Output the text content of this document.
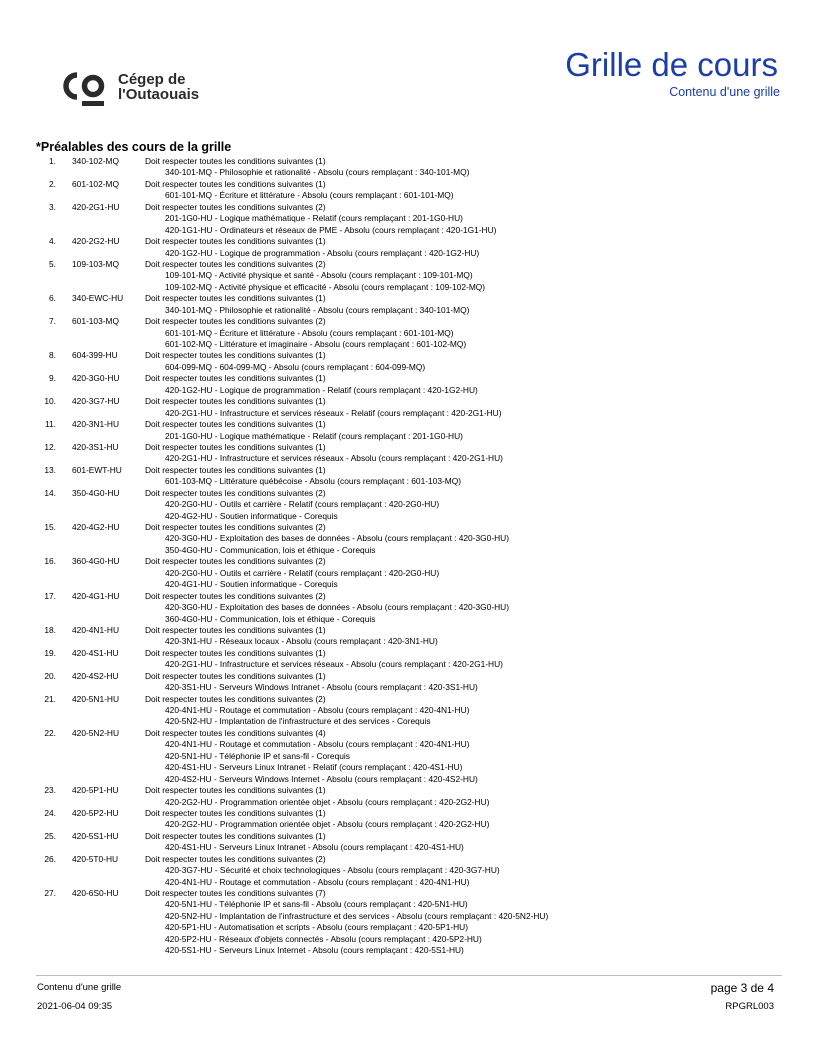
Cégep de
l'Outaouais
Grille de cours
Contenu d'une grille
*Préalables des cours de la grille
1. 340-102-MQ	Doit respecter toutes les conditions suivantes (1)
340-101-MQ - Philosophie et rationalité - Absolu (cours remplaçant : 340-101-MQ)
2. 601-102-MQ	Doit respecter toutes les conditions suivantes (1)
601-101-MQ - Écriture et littérature - Absolu (cours remplaçant : 601-101-MQ)
3. 420-2G1-HU	Doit respecter toutes les conditions suivantes (2)
201-1G0-HU - Logique mathématique - Relatif (cours remplaçant : 201-1G0-HU)
420-1G1-HU - Ordinateurs et réseaux de PME - Absolu (cours remplaçant : 420-1G1-HU)
4. 420-2G2-HU	Doit respecter toutes les conditions suivantes (1)
420-1G2-HU - Logique de programmation - Absolu (cours remplaçant : 420-1G2-HU)
5. 109-103-MQ	Doit respecter toutes les conditions suivantes (2)
109-101-MQ - Activité physique et santé - Absolu (cours remplaçant : 109-101-MQ)
109-102-MQ - Activité physique et efficacité - Absolu (cours remplaçant : 109-102-MQ)
6. 340-EWC-HU	Doit respecter toutes les conditions suivantes (1)
340-101-MQ - Philosophie et rationalité - Absolu (cours remplaçant : 340-101-MQ)
7. 601-103-MQ	Doit respecter toutes les conditions suivantes (2)
601-101-MQ - Écriture et littérature - Absolu (cours remplaçant : 601-101-MQ)
601-102-MQ - Littérature et imaginaire - Absolu (cours remplaçant : 601-102-MQ)
8. 604-399-HU	Doit respecter toutes les conditions suivantes (1)
604-099-MQ - 604-099-MQ - Absolu (cours remplaçant : 604-099-MQ)
9. 420-3G0-HU	Doit respecter toutes les conditions suivantes (1)
420-1G2-HU - Logique de programmation - Relatif (cours remplaçant : 420-1G2-HU)
10. 420-3G7-HU	Doit respecter toutes les conditions suivantes (1)
420-2G1-HU - Infrastructure et services réseaux - Relatif (cours remplaçant : 420-2G1-HU)
11. 420-3N1-HU	Doit respecter toutes les conditions suivantes (1)
201-1G0-HU - Logique mathématique - Relatif (cours remplaçant : 201-1G0-HU)
12. 420-3S1-HU	Doit respecter toutes les conditions suivantes (1)
420-2G1-HU - Infrastructure et services réseaux - Absolu (cours remplaçant : 420-2G1-HU)
13. 601-EWT-HU	Doit respecter toutes les conditions suivantes (1)
601-103-MQ - Littérature québécoise - Absolu (cours remplaçant : 601-103-MQ)
14. 350-4G0-HU	Doit respecter toutes les conditions suivantes (2)
420-2G0-HU - Outils et carrière - Relatif (cours remplaçant : 420-2G0-HU)
420-4G2-HU - Soutien informatique - Corequis
15. 420-4G2-HU	Doit respecter toutes les conditions suivantes (2)
420-3G0-HU - Exploitation des bases de données - Absolu (cours remplaçant : 420-3G0-HU)
350-4G0-HU - Communication, lois et éthique - Corequis
16. 360-4G0-HU	Doit respecter toutes les conditions suivantes (2)
420-2G0-HU - Outils et carrière - Relatif (cours remplaçant : 420-2G0-HU)
420-4G1-HU - Soutien informatique - Corequis
17. 420-4G1-HU	Doit respecter toutes les conditions suivantes (2)
420-3G0-HU - Exploitation des bases de données - Absolu (cours remplaçant : 420-3G0-HU)
360-4G0-HU - Communication, lois et éthique - Corequis
18. 420-4N1-HU	Doit respecter toutes les conditions suivantes (1)
420-3N1-HU - Réseaux locaux - Absolu (cours remplaçant : 420-3N1-HU)
19. 420-4S1-HU	Doit respecter toutes les conditions suivantes (1)
420-2G1-HU - Infrastructure et services réseaux - Absolu (cours remplaçant : 420-2G1-HU)
20. 420-4S2-HU	Doit respecter toutes les conditions suivantes (1)
420-3S1-HU - Serveurs Windows Intranet - Absolu (cours remplaçant : 420-3S1-HU)
21. 420-5N1-HU	Doit respecter toutes les conditions suivantes (2)
420-4N1-HU - Routage et commutation - Absolu (cours remplaçant : 420-4N1-HU)
420-5N2-HU - Implantation de l'infrastructure et des services - Corequis
22. 420-5N2-HU	Doit respecter toutes les conditions suivantes (4)
420-4N1-HU - Routage et commutation - Absolu (cours remplaçant : 420-4N1-HU)
420-5N1-HU - Téléphonie IP et sans-fil - Corequis
420-4S1-HU - Serveurs Linux Intranet - Relatif (cours remplaçant : 420-4S1-HU)
420-4S2-HU - Serveurs Windows Internet - Absolu (cours remplaçant : 420-4S2-HU)
23. 420-5P1-HU	Doit respecter toutes les conditions suivantes (1)
420-2G2-HU - Programmation orientée objet - Absolu (cours remplaçant : 420-2G2-HU)
24. 420-5P2-HU	Doit respecter toutes les conditions suivantes (1)
420-2G2-HU - Programmation orientée objet - Absolu (cours remplaçant : 420-2G2-HU)
25. 420-5S1-HU	Doit respecter toutes les conditions suivantes (1)
420-4S1-HU - Serveurs Linux Intranet - Absolu (cours remplaçant : 420-4S1-HU)
26. 420-5T0-HU	Doit respecter toutes les conditions suivantes (2)
420-3G7-HU - Sécurité et choix technologiques - Absolu (cours remplaçant : 420-3G7-HU)
420-4N1-HU - Routage et commutation - Absolu (cours remplaçant : 420-4N1-HU)
27. 420-6S0-HU	Doit respecter toutes les conditions suivantes (7)
420-5N1-HU - Téléphonie IP et sans-fil - Absolu (cours remplaçant : 420-5N1-HU)
420-5N2-HU - Implantation de l'infrastructure et des services - Absolu (cours remplaçant : 420-5N2-HU)
420-5P1-HU - Automatisation et scripts - Absolu (cours remplaçant : 420-5P1-HU)
420-5P2-HU - Réseaux d'objets connectés - Absolu (cours remplaçant : 420-5P2-HU)
420-5S1-HU - Serveurs Linux Internet - Absolu (cours remplaçant : 420-5S1-HU)
Contenu d'une grille
2021-06-04 09:35
page 3 de 4
RPGRL003
